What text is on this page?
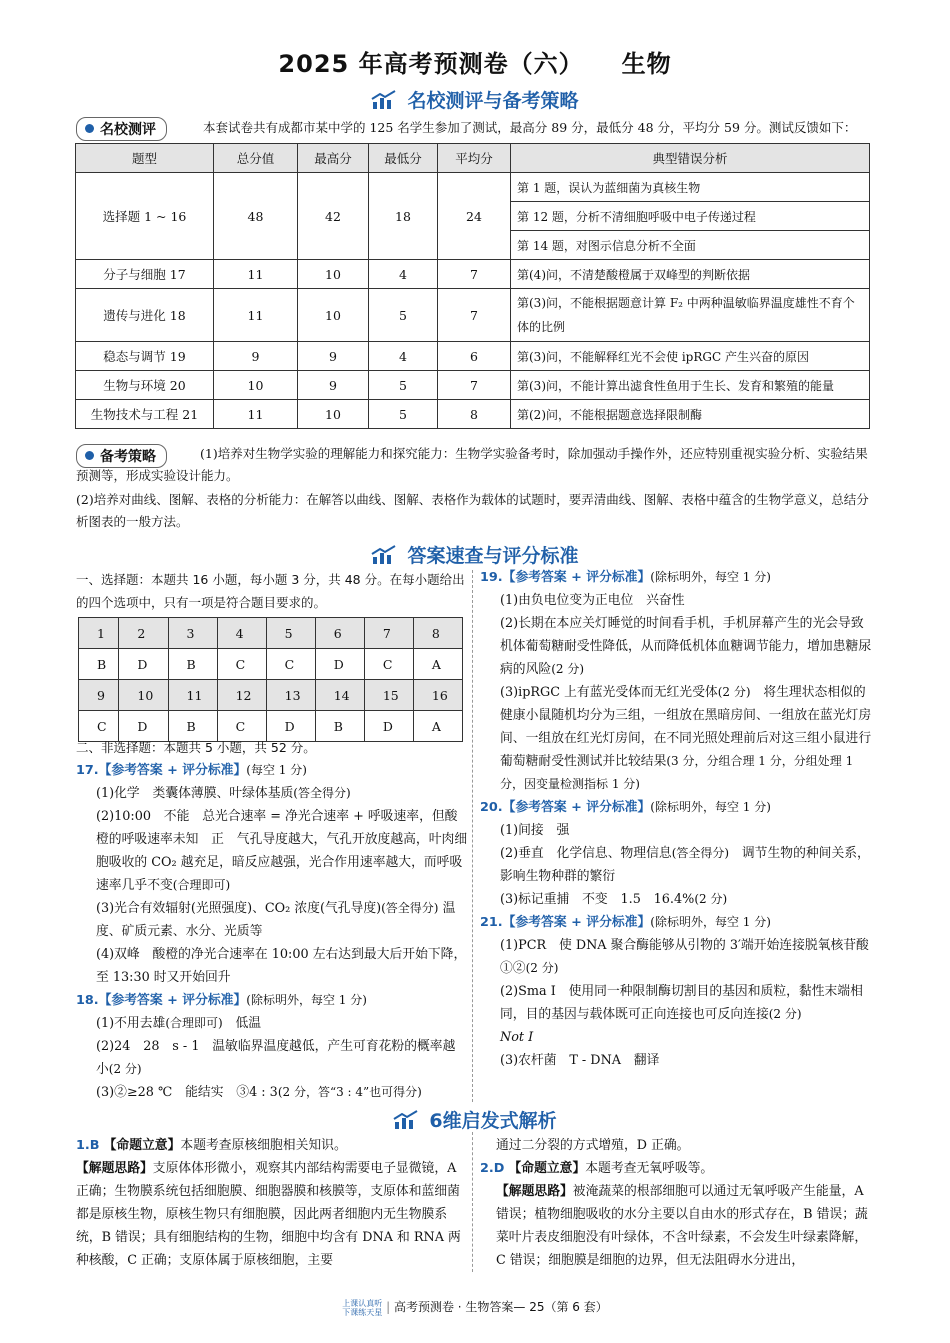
2025 年高考预测卷（六） 生物
名校测评与备考策略
名校测评	本套试卷共有成都市某中学的 125 名学生参加了测试，最高分 89 分，最低分 48 分，平均分 59 分。测试反馈如下：
题型	总分值	最高分	最低分	平均分	典型错误分析
选择题 1 ~ 16	48	42	18	24	第 1 题，误认为蓝细菌为真核生物
					第 12 题，分析不清细胞呼吸中电子传递过程
					第 14 题，对图示信息分析不全面
分子与细胞 17	11	10	4	7	第(4)问，不清楚酸橙属于双峰型的判断依据
遗传与进化 18	11	10	5	7	第(3)问，不能根据题意计算 F₂ 中两种温敏临界温度雄性不育个体的比例
稳态与调节 19	9	9	4	6	第(3)问，不能解释红光不会使 ipRGC 产生兴奋的原因
生物与环境 20	10	9	5	7	第(3)问，不能计算出滤食性鱼用于生长、发育和繁殖的能量
生物技术与工程 21	11	10	5	8	第(2)问，不能根据题意选择限制酶
备考策略	(1)培养对生物学实验的理解能力和探究能力：生物学实验备考时，除加强动手操作外，还应特别重视实验分析、实验结果预测等，形成实验设计能力。
(2)培养对曲线、图解、表格的分析能力：在解答以曲线、图解、表格作为载体的试题时，要弄清曲线、图解、表格中蕴含的生物学意义，总结分析图表的一般方法。
答案速查与评分标准
一、选择题：本题共 16 小题，每小题 3 分，共 48 分。在每小题给出的四个选项中，只有一项是符合题目要求的。
1	2	3	4	5	6	7	8
B	D	B	C	C	D	C	A
9	10	11	12	13	14	15	16
C	D	B	C	D	B	D	A
二、非选择题：本题共 5 小题，共 52 分。
17.【参考答案 + 评分标准】(每空 1 分)
(1)化学　类囊体薄膜、叶绿体基质(答全得分)
(2)10:00　不能　总光合速率 = 净光合速率 + 呼吸速率，但酸橙的呼吸速率未知　正　气孔导度越大，气孔开放度越高，叶肉细胞吸收的 CO₂ 越充足，暗反应越强，光合作用速率越大，而呼吸速率几乎不变(合理即可)
(3)光合有效辐射(光照强度)、CO₂ 浓度(气孔导度)(答全得分) 温度、矿质元素、水分、光质等
(4)双峰　酸橙的净光合速率在 10:00 左右达到最大后开始下降，至 13:30 时又开始回升
18.【参考答案 + 评分标准】(除标明外，每空 1 分)
(1)不用去雄(合理即可)　低温
(2)24　28　s - 1　温敏临界温度越低，产生可育花粉的概率越小(2 分)
(3)②≥28 ℃　能结实　③4 : 3(2 分，答“3 : 4”也可得分)
19.【参考答案 + 评分标准】(除标明外，每空 1 分)
(1)由负电位变为正电位　兴奋性
(2)长期在本应关灯睡觉的时间看手机，手机屏幕产生的光会导致机体葡萄糖耐受性降低，从而降低机体血糖调节能力，增加患糖尿病的风险(2 分)
(3)ipRGC 上有蓝光受体而无红光受体(2 分)　将生理状态相似的健康小鼠随机均分为三组，一组放在黑暗房间、一组放在蓝光灯房间、一组放在红光灯房间，在不同光照处理前后对这三组小鼠进行葡萄糖耐受性测试并比较结果(3 分，分组合理 1 分，分组处理 1 分，因变量检测指标 1 分)
20.【参考答案 + 评分标准】(除标明外，每空 1 分)
(1)间接　强
(2)垂直　化学信息、物理信息(答全得分)　调节生物的种间关系，影响生物种群的繁衍
(3)标记重捕　不变　1.5　16.4%(2 分)
21.【参考答案 + 评分标准】(除标明外，每空 1 分)
(1)PCR　使 DNA 聚合酶能够从引物的 3′端开始连接脱氧核苷酸　①②(2 分)
(2)Sma Ⅰ　使用同一种限制酶切割目的基因和质粒，黏性末端相同，目的基因与载体既可正向连接也可反向连接(2 分)
Not Ⅰ
(3)农杆菌　T - DNA　翻译
6维启发式解析
1.B 【命题立意】本题考查原核细胞相关知识。
【解题思路】支原体体形微小，观察其内部结构需要电子显微镜，A 正确；生物膜系统包括细胞膜、细胞器膜和核膜等，支原体和蓝细菌都是原核生物，原核生物只有细胞膜，因此两者细胞内无生物膜系统，B 错误；具有细胞结构的生物，细胞中均含有 DNA 和 RNA 两种核酸，C 正确；支原体属于原核细胞，主要
通过二分裂的方式增殖，D 正确。
2.D 【命题立意】本题考查无氧呼吸等。
【解题思路】被淹蔬菜的根部细胞可以通过无氧呼吸产生能量，A 错误；植物细胞吸收的水分主要以自由水的形式存在，B 错误；蔬菜叶片表皮细胞没有叶绿体，不含叶绿素，不会发生叶绿素降解，C 错误；细胞膜是细胞的边界，但无法阻碍水分进出，
上课认真听 下课练天星 | 高考预测卷 · 生物答案— 25（第 6 套）
